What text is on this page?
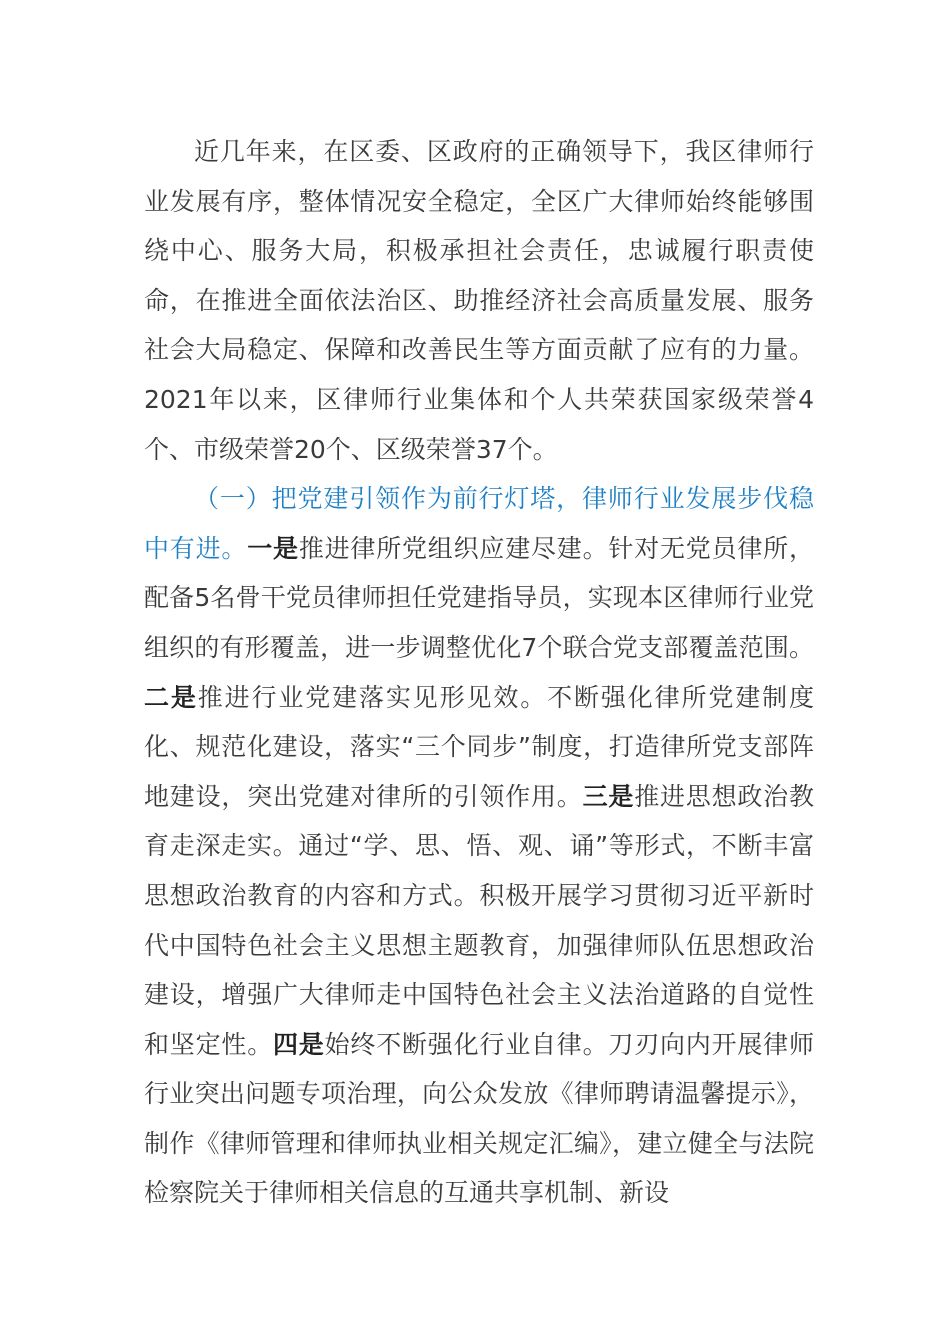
近几年来，在区委、区政府的正确领导下，我区律师行业发展有序，整体情况安全稳定，全区广大律师始终能够围绕中心、服务大局，积极承担社会责任，忠诚履行职责使命，在推进全面依法治区、助推经济社会高质量发展、服务社会大局稳定、保障和改善民生等方面贡献了应有的力量。2021年以来，区律师行业集体和个人共荣获国家级荣誉4个、市级荣誉20个、区级荣誉37个。

（一）把党建引领作为前行灯塔，律师行业发展步伐稳中有进。一是推进律所党组织应建尽建。针对无党员律所，配备5名骨干党员律师担任党建指导员，实现本区律师行业党组织的有形覆盖，进一步调整优化7个联合党支部覆盖范围。二是推进行业党建落实见形见效。不断强化律所党建制度化、规范化建设，落实“三个同步”制度，打造律所党支部阵地建设，突出党建对律所的引领作用。三是推进思想政治教育走深走实。通过“学、思、悟、观、诵”等形式，不断丰富思想政治教育的内容和方式。积极开展学习贯彻习近平新时代中国特色社会主义思想主题教育，加强律师队伍思想政治建设，增强广大律师走中国特色社会主义法治道路的自觉性和坚定性。四是始终不断强化行业自律。刀刃向内开展律师行业突出问题专项治理，向公众发放《律师聘请温馨提示》，制作《律师管理和律师执业相关规定汇编》，建立健全与法院检察院关于律师相关信息的互通共享机制、新设
